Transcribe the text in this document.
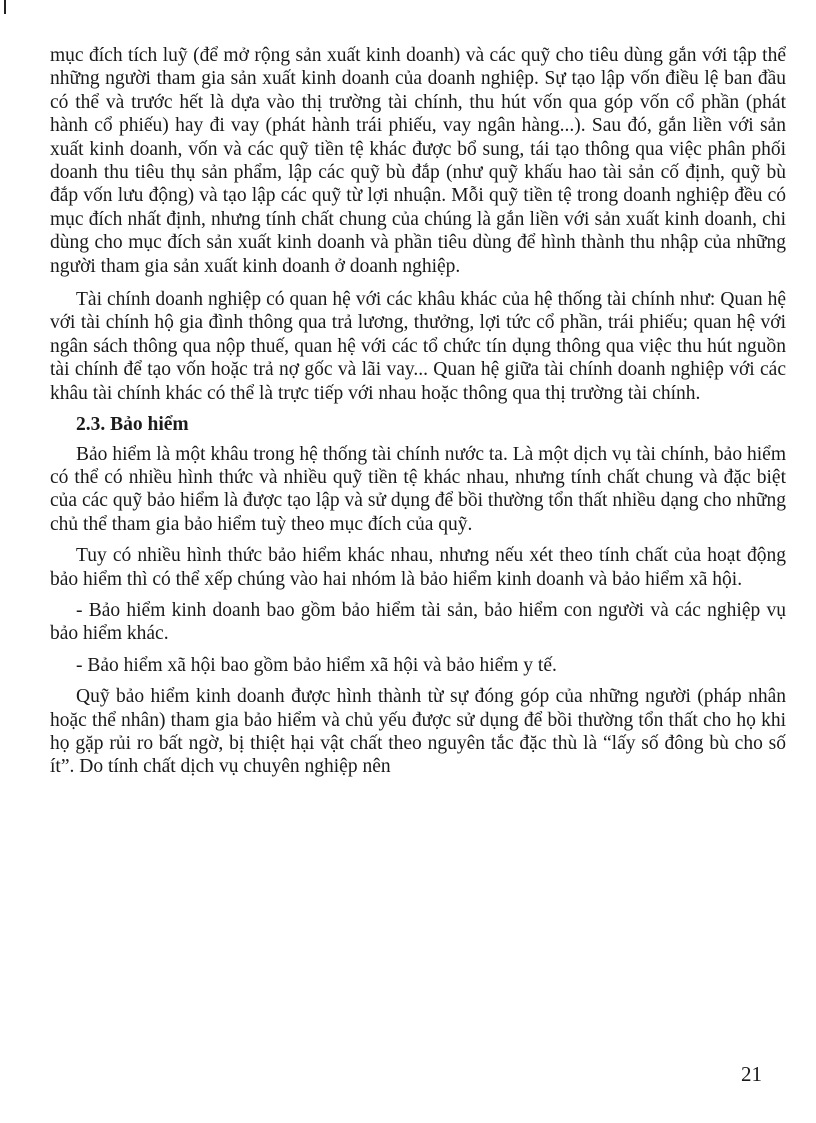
mục đích tích luỹ (để mở rộng sản xuất kinh doanh) và các quỹ cho tiêu dùng gắn với tập thể những người tham gia sản xuất kinh doanh của doanh nghiệp. Sự tạo lập vốn điều lệ ban đầu có thể và trước hết là dựa vào thị trường tài chính, thu hút vốn qua góp vốn cổ phần (phát hành cổ phiếu) hay đi vay (phát hành trái phiếu, vay ngân hàng...). Sau đó, gắn liền với sản xuất kinh doanh, vốn và các quỹ tiền tệ khác được bổ sung, tái tạo thông qua việc phân phối doanh thu tiêu thụ sản phẩm, lập các quỹ bù đắp (như quỹ khấu hao tài sản cố định, quỹ bù đắp vốn lưu động) và tạo lập các quỹ từ lợi nhuận. Mỗi quỹ tiền tệ trong doanh nghiệp đều có mục đích nhất định, nhưng tính chất chung của chúng là gắn liền với sản xuất kinh doanh, chi dùng cho mục đích sản xuất kinh doanh và phần tiêu dùng để hình thành thu nhập của những người tham gia sản xuất kinh doanh ở doanh nghiệp.

Tài chính doanh nghiệp có quan hệ với các khâu khác của hệ thống tài chính như: Quan hệ với tài chính hộ gia đình thông qua trả lương, thưởng, lợi tức cổ phần, trái phiếu; quan hệ với ngân sách thông qua nộp thuế, quan hệ với các tổ chức tín dụng thông qua việc thu hút nguồn tài chính để tạo vốn hoặc trả nợ gốc và lãi vay... Quan hệ giữa tài chính doanh nghiệp với các khâu tài chính khác có thể là trực tiếp với nhau hoặc thông qua thị trường tài chính.

2.3. Bảo hiểm

Bảo hiểm là một khâu trong hệ thống tài chính nước ta. Là một dịch vụ tài chính, bảo hiểm có thể có nhiều hình thức và nhiều quỹ tiền tệ khác nhau, nhưng tính chất chung và đặc biệt của các quỹ bảo hiểm là được tạo lập và sử dụng để bồi thường tổn thất nhiều dạng cho những chủ thể tham gia bảo hiểm tuỳ theo mục đích của quỹ.

Tuy có nhiều hình thức bảo hiểm khác nhau, nhưng nếu xét theo tính chất của hoạt động bảo hiểm thì có thể xếp chúng vào hai nhóm là bảo hiểm kinh doanh và bảo hiểm xã hội.

- Bảo hiểm kinh doanh bao gồm bảo hiểm tài sản, bảo hiểm con người và các nghiệp vụ bảo hiểm khác.

- Bảo hiểm xã hội bao gồm bảo hiểm xã hội và bảo hiểm y tế.

Quỹ bảo hiểm kinh doanh được hình thành từ sự đóng góp của những người (pháp nhân hoặc thể nhân) tham gia bảo hiểm và chủ yếu được sử dụng để bồi thường tổn thất cho họ khi họ gặp rủi ro bất ngờ, bị thiệt hại vật chất theo nguyên tắc đặc thù là “lấy số đông bù cho số ít”. Do tính chất dịch vụ chuyên nghiệp nên

21
